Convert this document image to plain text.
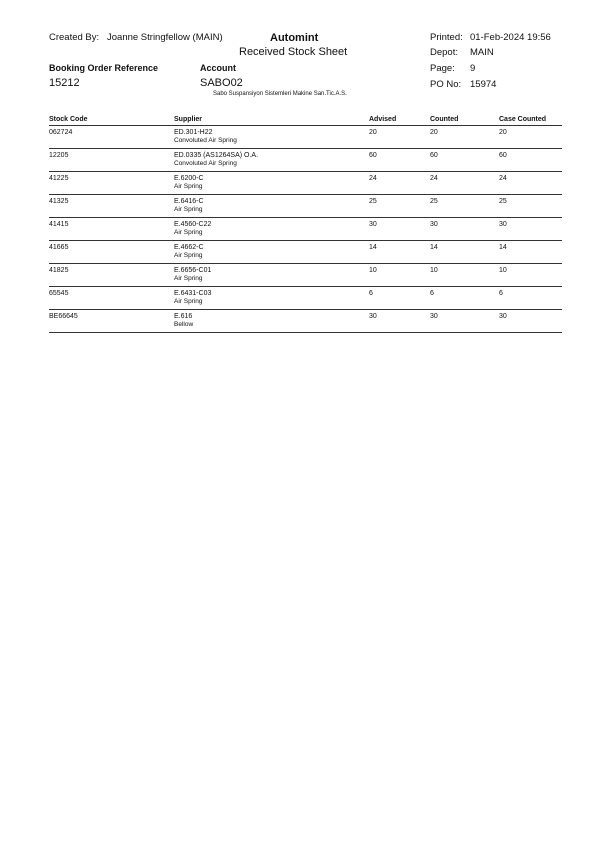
Created By: Joanne Stringfellow (MAIN)	Automint
Received Stock Sheet
Printed: 01-Feb-2024 19:56
Depot: MAIN
Page: 9
PO No: 15974
Booking Order Reference
15212
Account
SABO02
Sabo Suspansiyon Sistemleri Makine San.Tic.A.S.
Stock Code	Supplier	Advised	Counted	Case Counted
062724	ED.301-H22
Convoluted Air Spring	20	20	20
12205	ED.0335 (AS1264SA) O.A.
Convoluted Air Spring	60	60	60
41225	E.6200-C
Air Spring	24	24	24
41325	E.6416-C
Air Spring	25	25	25
41415	E.4560-C22
Air Spring	30	30	30
41665	E.4662-C
Air Spring	14	14	14
41825	E.6656-C01
Air Spring	10	10	10
65545	E.6431-C03
Air Spring	6	6	6
BE66645	E.616
Bellow	30	30	30
